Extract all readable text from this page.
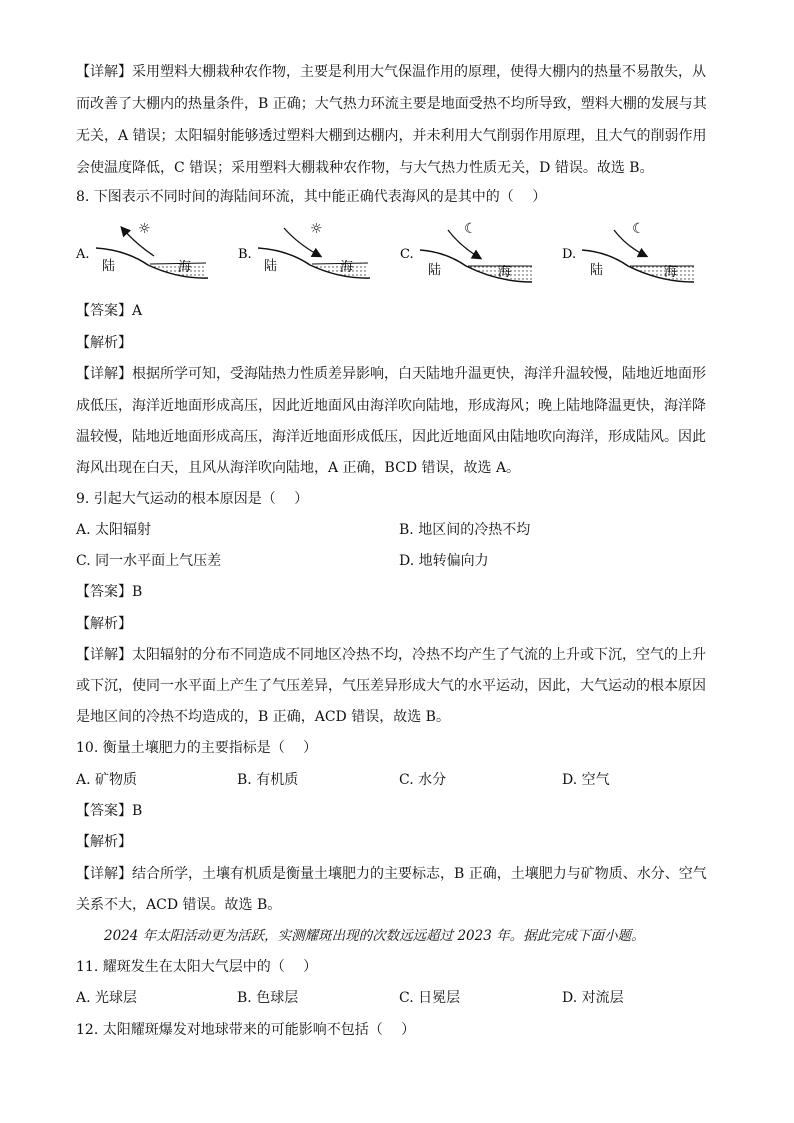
【详解】采用塑料大棚栽种农作物，主要是利用大气保温作用的原理，使得大棚内的热量不易散失，从
而改善了大棚内的热量条件，B 正确；大气热力环流主要是地面受热不均所导致，塑料大棚的发展与其
无关，A 错误；太阳辐射能够透过塑料大棚到达棚内，并未利用大气削弱作用原理，且大气的削弱作用
会使温度降低，C 错误；采用塑料大棚栽种农作物，与大气热力性质无关，D 错误。故选 B。
8. 下图表示不同时间的海陆间环流，其中能正确代表海风的是其中的（　 ）
A.
陆	海
☼
B.
陆	海
☼
C.
陆	海
☾
D.
陆	海
☾
【答案】A
【解析】
【详解】根据所学可知，受海陆热力性质差异影响，白天陆地升温更快，海洋升温较慢，陆地近地面形
成低压，海洋近地面形成高压，因此近地面风由海洋吹向陆地，形成海风；晚上陆地降温更快，海洋降
温较慢，陆地近地面形成高压，海洋近地面形成低压，因此近地面风由陆地吹向海洋，形成陆风。因此
海风出现在白天，且风从海洋吹向陆地，A 正确，BCD 错误，故选 A。
9. 引起大气运动的根本原因是（　 ）
A. 太阳辐射	B. 地区间的冷热不均
C. 同一水平面上气压差	D. 地转偏向力
【答案】B
【解析】
【详解】太阳辐射的分布不同造成不同地区冷热不均，冷热不均产生了气流的上升或下沉，空气的上升
或下沉，使同一水平面上产生了气压差异，气压差异形成大气的水平运动，因此，大气运动的根本原因
是地区间的冷热不均造成的，B 正确，ACD 错误，故选 B。
10. 衡量土壤肥力的主要指标是（　 ）
A. 矿物质	B. 有机质	C. 水分	D. 空气
【答案】B
【解析】
【详解】结合所学，土壤有机质是衡量土壤肥力的主要标志，B 正确，土壤肥力与矿物质、水分、空气
关系不大，ACD 错误。故选 B。
2024 年太阳活动更为活跃，实测耀斑出现的次数远远超过 2023 年。据此完成下面小题。
11. 耀斑发生在太阳大气层中的（　 ）
A. 光球层	B. 色球层	C. 日冕层	D. 对流层
12. 太阳耀斑爆发对地球带来的可能影响不包括（　 ）
